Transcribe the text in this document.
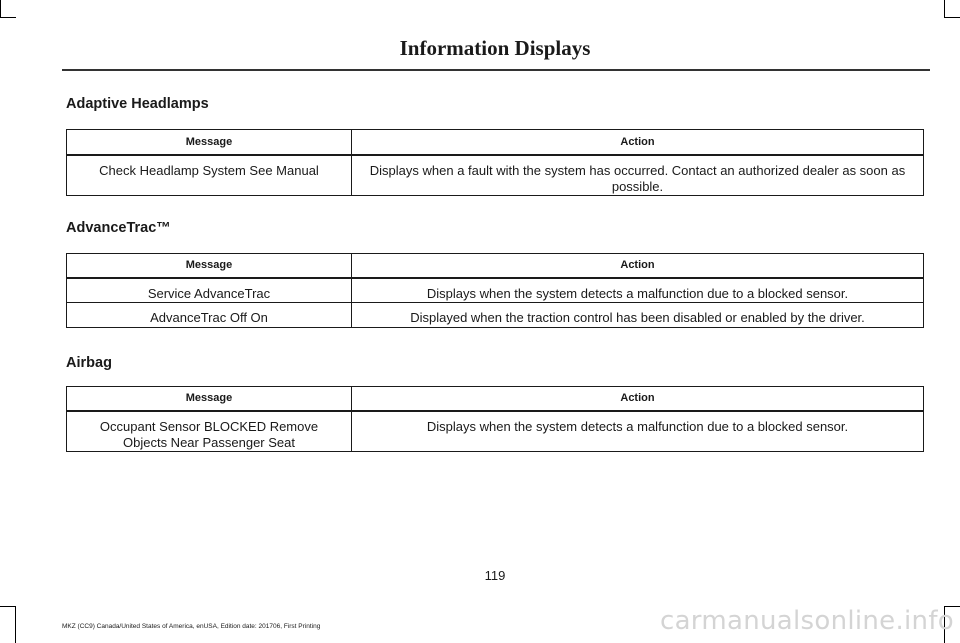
Information Displays
Adaptive Headlamps
Message	Action
Check Headlamp System See Manual	Displays when a fault with the system has occurred. Contact an authorized dealer as soon as possible.
AdvanceTrac™
Message	Action
Service AdvanceTrac	Displays when the system detects a malfunction due to a blocked sensor.
AdvanceTrac Off On	Displayed when the traction control has been disabled or enabled by the driver.
Airbag
Message	Action
Occupant Sensor BLOCKED Remove Objects Near Passenger Seat	Displays when the system detects a malfunction due to a blocked sensor.
119
MKZ (CC9) Canada/United States of America, enUSA, Edition date: 201706, First Printing	carmanualsonline.info
